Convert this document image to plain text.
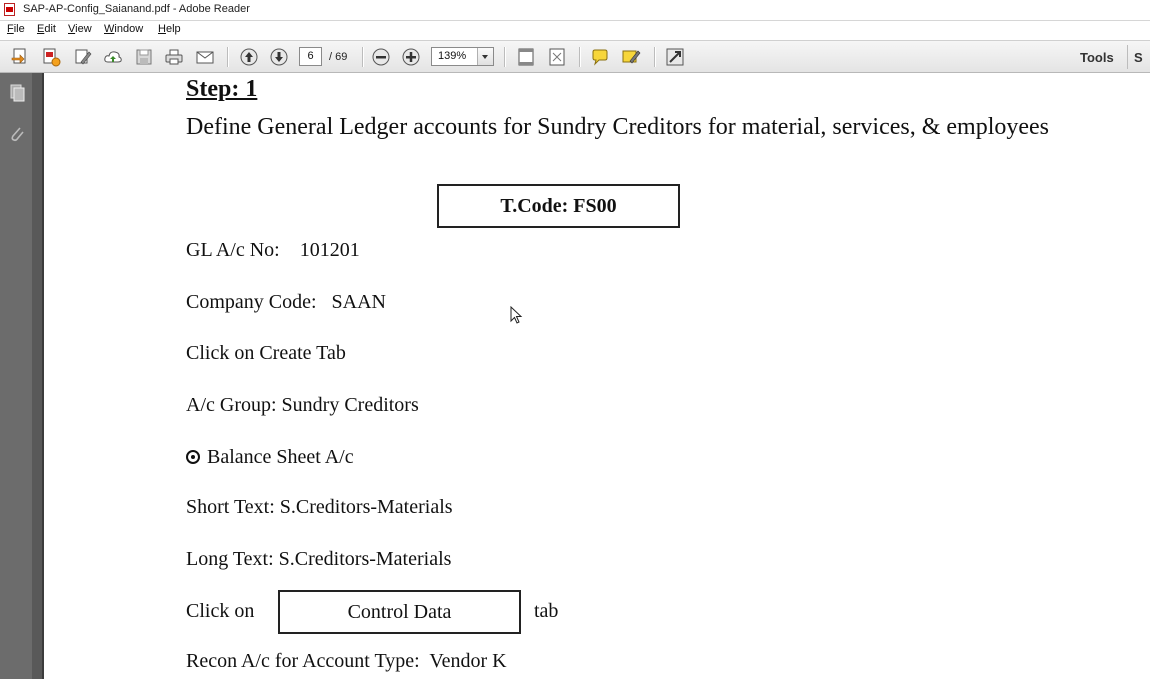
SAP-AP-Config_Saianand.pdf - Adobe Reader
File Edit View Window Help
6	/ 69	139%	Tools S
Step: 1
Define General Ledger accounts for Sundry Creditors for material, services, & employees
T.Code: FS00
GL A/c No:    101201
Company Code:   SAAN
Click on Create Tab
A/c Group: Sundry Creditors
Balance Sheet A/c
Short Text: S.Creditors-Materials
Long Text: S.Creditors-Materials
Click on	Control Data	tab
Recon A/c for Account Type:  Vendor K
